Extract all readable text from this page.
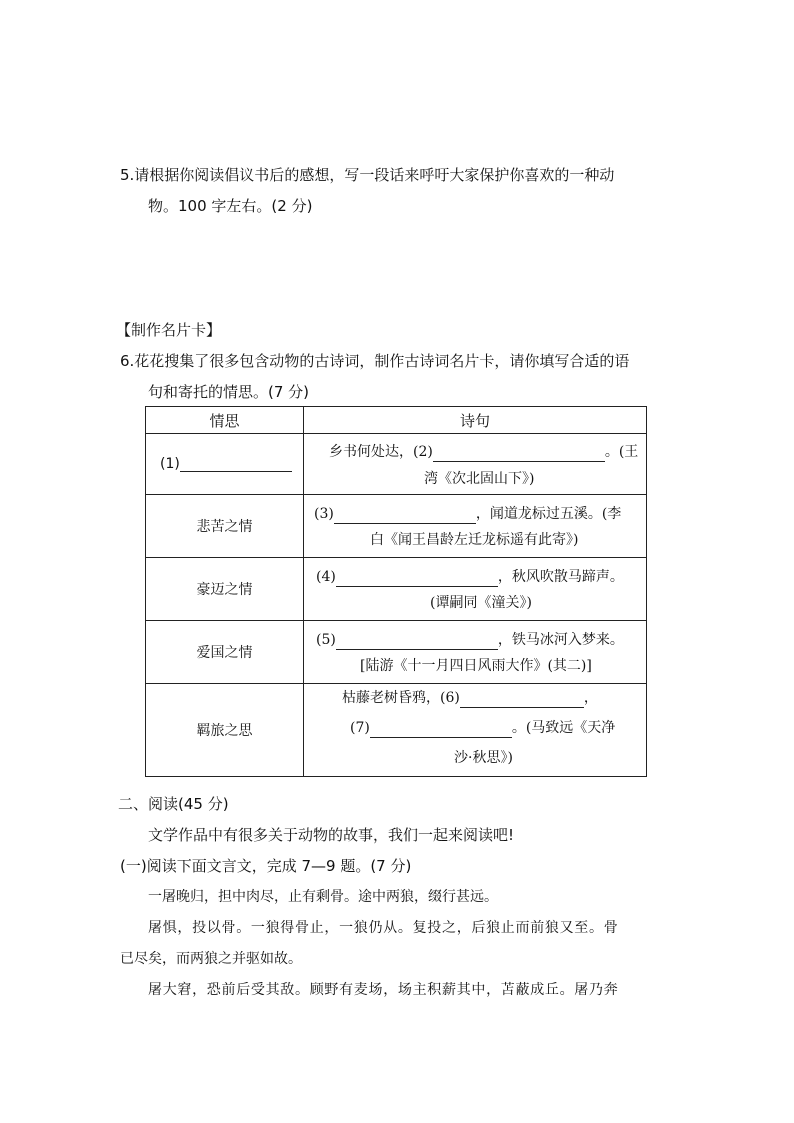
5.请根据你阅读倡议书后的感想，写一段话来呼吁大家保护你喜欢的一种动
物。100 字左右。(2 分)
【制作名片卡】
6.花花搜集了很多包含动物的古诗词，制作古诗词名片卡，请你填写合适的语
句和寄托的情思。(7 分)
情思	诗句
(1)	乡书何处达，(2) 。(王
湾《次北固山下》)

悲苦之情	(3) ，闻道龙标过五溪。(李
白《闻王昌龄左迁龙标遥有此寄》)

豪迈之情	(4) ，秋风吹散马蹄声。
(谭嗣同《潼关》)

爱国之情	(5) ，铁马冰河入梦来。
[陆游《十一月四日风雨大作》(其二)]

羁旅之思	枯藤老树昏鸦，(6) ，
(7) 。(马致远《天净
沙·秋思》)
二、阅读(45 分)
文学作品中有很多关于动物的故事，我们一起来阅读吧!
(一)阅读下面文言文，完成 7—9 题。(7 分)
一屠晚归，担中肉尽，止有剩骨。途中两狼，缀行甚远。
屠惧，投以骨。一狼得骨止，一狼仍从。复投之，后狼止而前狼又至。骨
已尽矣，而两狼之并驱如故。
屠大窘，恐前后受其敌。顾野有麦场，场主积薪其中，苫蔽成丘。屠乃奔
